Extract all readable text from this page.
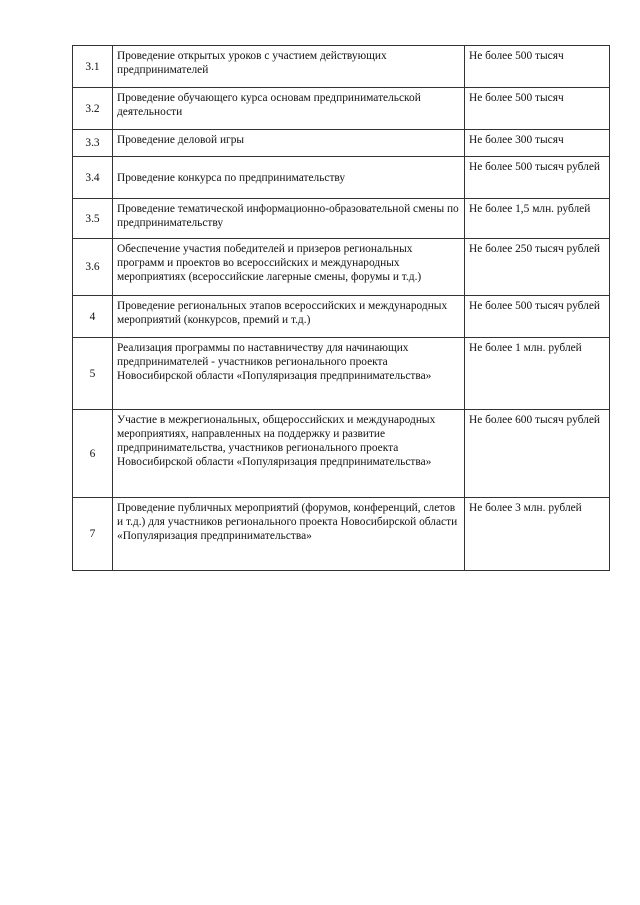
3.1	Проведение открытых уроков с участием действующих предпринимателей	Не более 500 тысяч
3.2	Проведение обучающего курса основам предпринимательской деятельности	Не более 500 тысяч
3.3	Проведение деловой игры	Не более 300 тысяч
3.4	Проведение конкурса по предпринимательству	Не более 500 тысяч рублей
3.5	Проведение тематической информационно-образовательной смены по предпринимательству	Не более 1,5 млн. рублей
3.6	Обеспечение участия победителей и призеров региональных программ и проектов во всероссийских и международных мероприятиях (всероссийские лагерные смены, форумы и т.д.)	Не более 250 тысяч рублей
4	Проведение региональных этапов всероссийских и международных мероприятий (конкурсов, премий и т.д.)	Не более 500 тысяч рублей
5	Реализация программы по наставничеству для начинающих предпринимателей - участников регионального проекта Новосибирской области «Популяризация предпринимательства»	Не более 1 млн. рублей
6	Участие в межрегиональных, общероссийских и международных мероприятиях, направленных на поддержку и развитие предпринимательства, участников регионального проекта Новосибирской области «Популяризация предпринимательства»	Не более 600 тысяч рублей
7	Проведение публичных мероприятий (форумов, конференций, слетов и т.д.) для участников регионального проекта Новосибирской области «Популяризация предпринимательства»	Не более 3 млн. рублей
